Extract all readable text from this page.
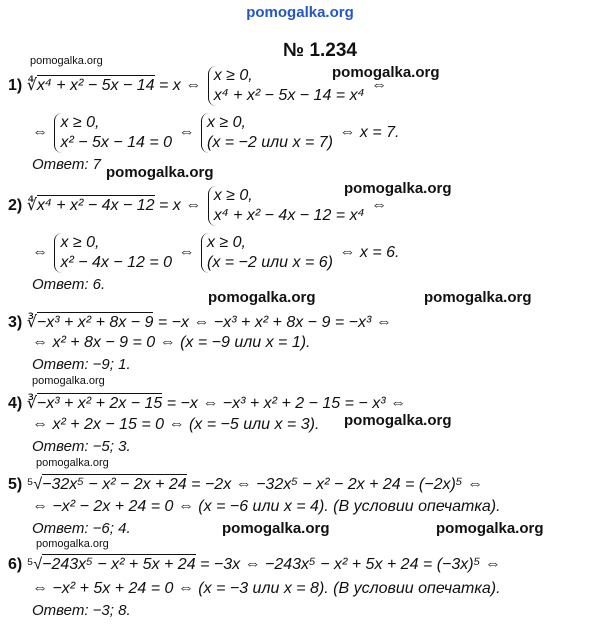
pomogalka.org
№ 1.234
pomogalka.org
1) ∜x⁴ + x² − 5x − 14 = x ⇔ x ≥ 0,
x⁴ + x² − 5x − 14 = x⁴ ⇔
pomogalka.org
⇔ x ≥ 0,
x² − 5x − 14 = 0 ⇔ x ≥ 0,
(x = −2 или x = 7) ⇔ x = 7.
Ответ: 7 pomogalka.org
2) ∜x⁴ + x² − 4x − 12 = x ⇔ x ≥ 0,
x⁴ + x² − 4x − 12 = x⁴ ⇔
pomogalka.org
⇔ x ≥ 0,
x² − 4x − 12 = 0 ⇔ x ≥ 0,
(x = −2 или x = 6) ⇔ x = 6.
Ответ: 6.
pomogalka.org	pomogalka.org
3) ∛−x³ + x² + 8x − 9 = −x ⇔ −x³ + x² + 8x − 9 = −x³ ⇔
⇔ x² + 8x − 9 = 0 ⇔ (x = −9 или x = 1).
Ответ: −9; 1.
pomogalka.org
4) ∛−x³ + x² + 2x − 15 = −x ⇔ −x³ + x² + 2 − 15 = − x³ ⇔
⇔ x² + 2x − 15 = 0 ⇔ (x = −5 или x = 3). pomogalka.org
Ответ: −5; 3.
pomogalka.org
5) ⁵√−32x⁵ − x² − 2x + 24 = −2x ⇔ −32x⁵ − x² − 2x + 24 = (−2x)⁵ ⇔
⇔ −x² − 2x + 24 = 0 ⇔ (x = −6 или x = 4). (В условии опечатка).
Ответ: −6; 4.	pomogalka.org	pomogalka.org
pomogalka.org
6) ⁵√−243x⁵ − x² + 5x + 24 = −3x ⇔ −243x⁵ − x² + 5x + 24 = (−3x)⁵ ⇔
⇔ −x² + 5x + 24 = 0 ⇔ (x = −3 или x = 8). (В условии опечатка).
Ответ: −3; 8.
